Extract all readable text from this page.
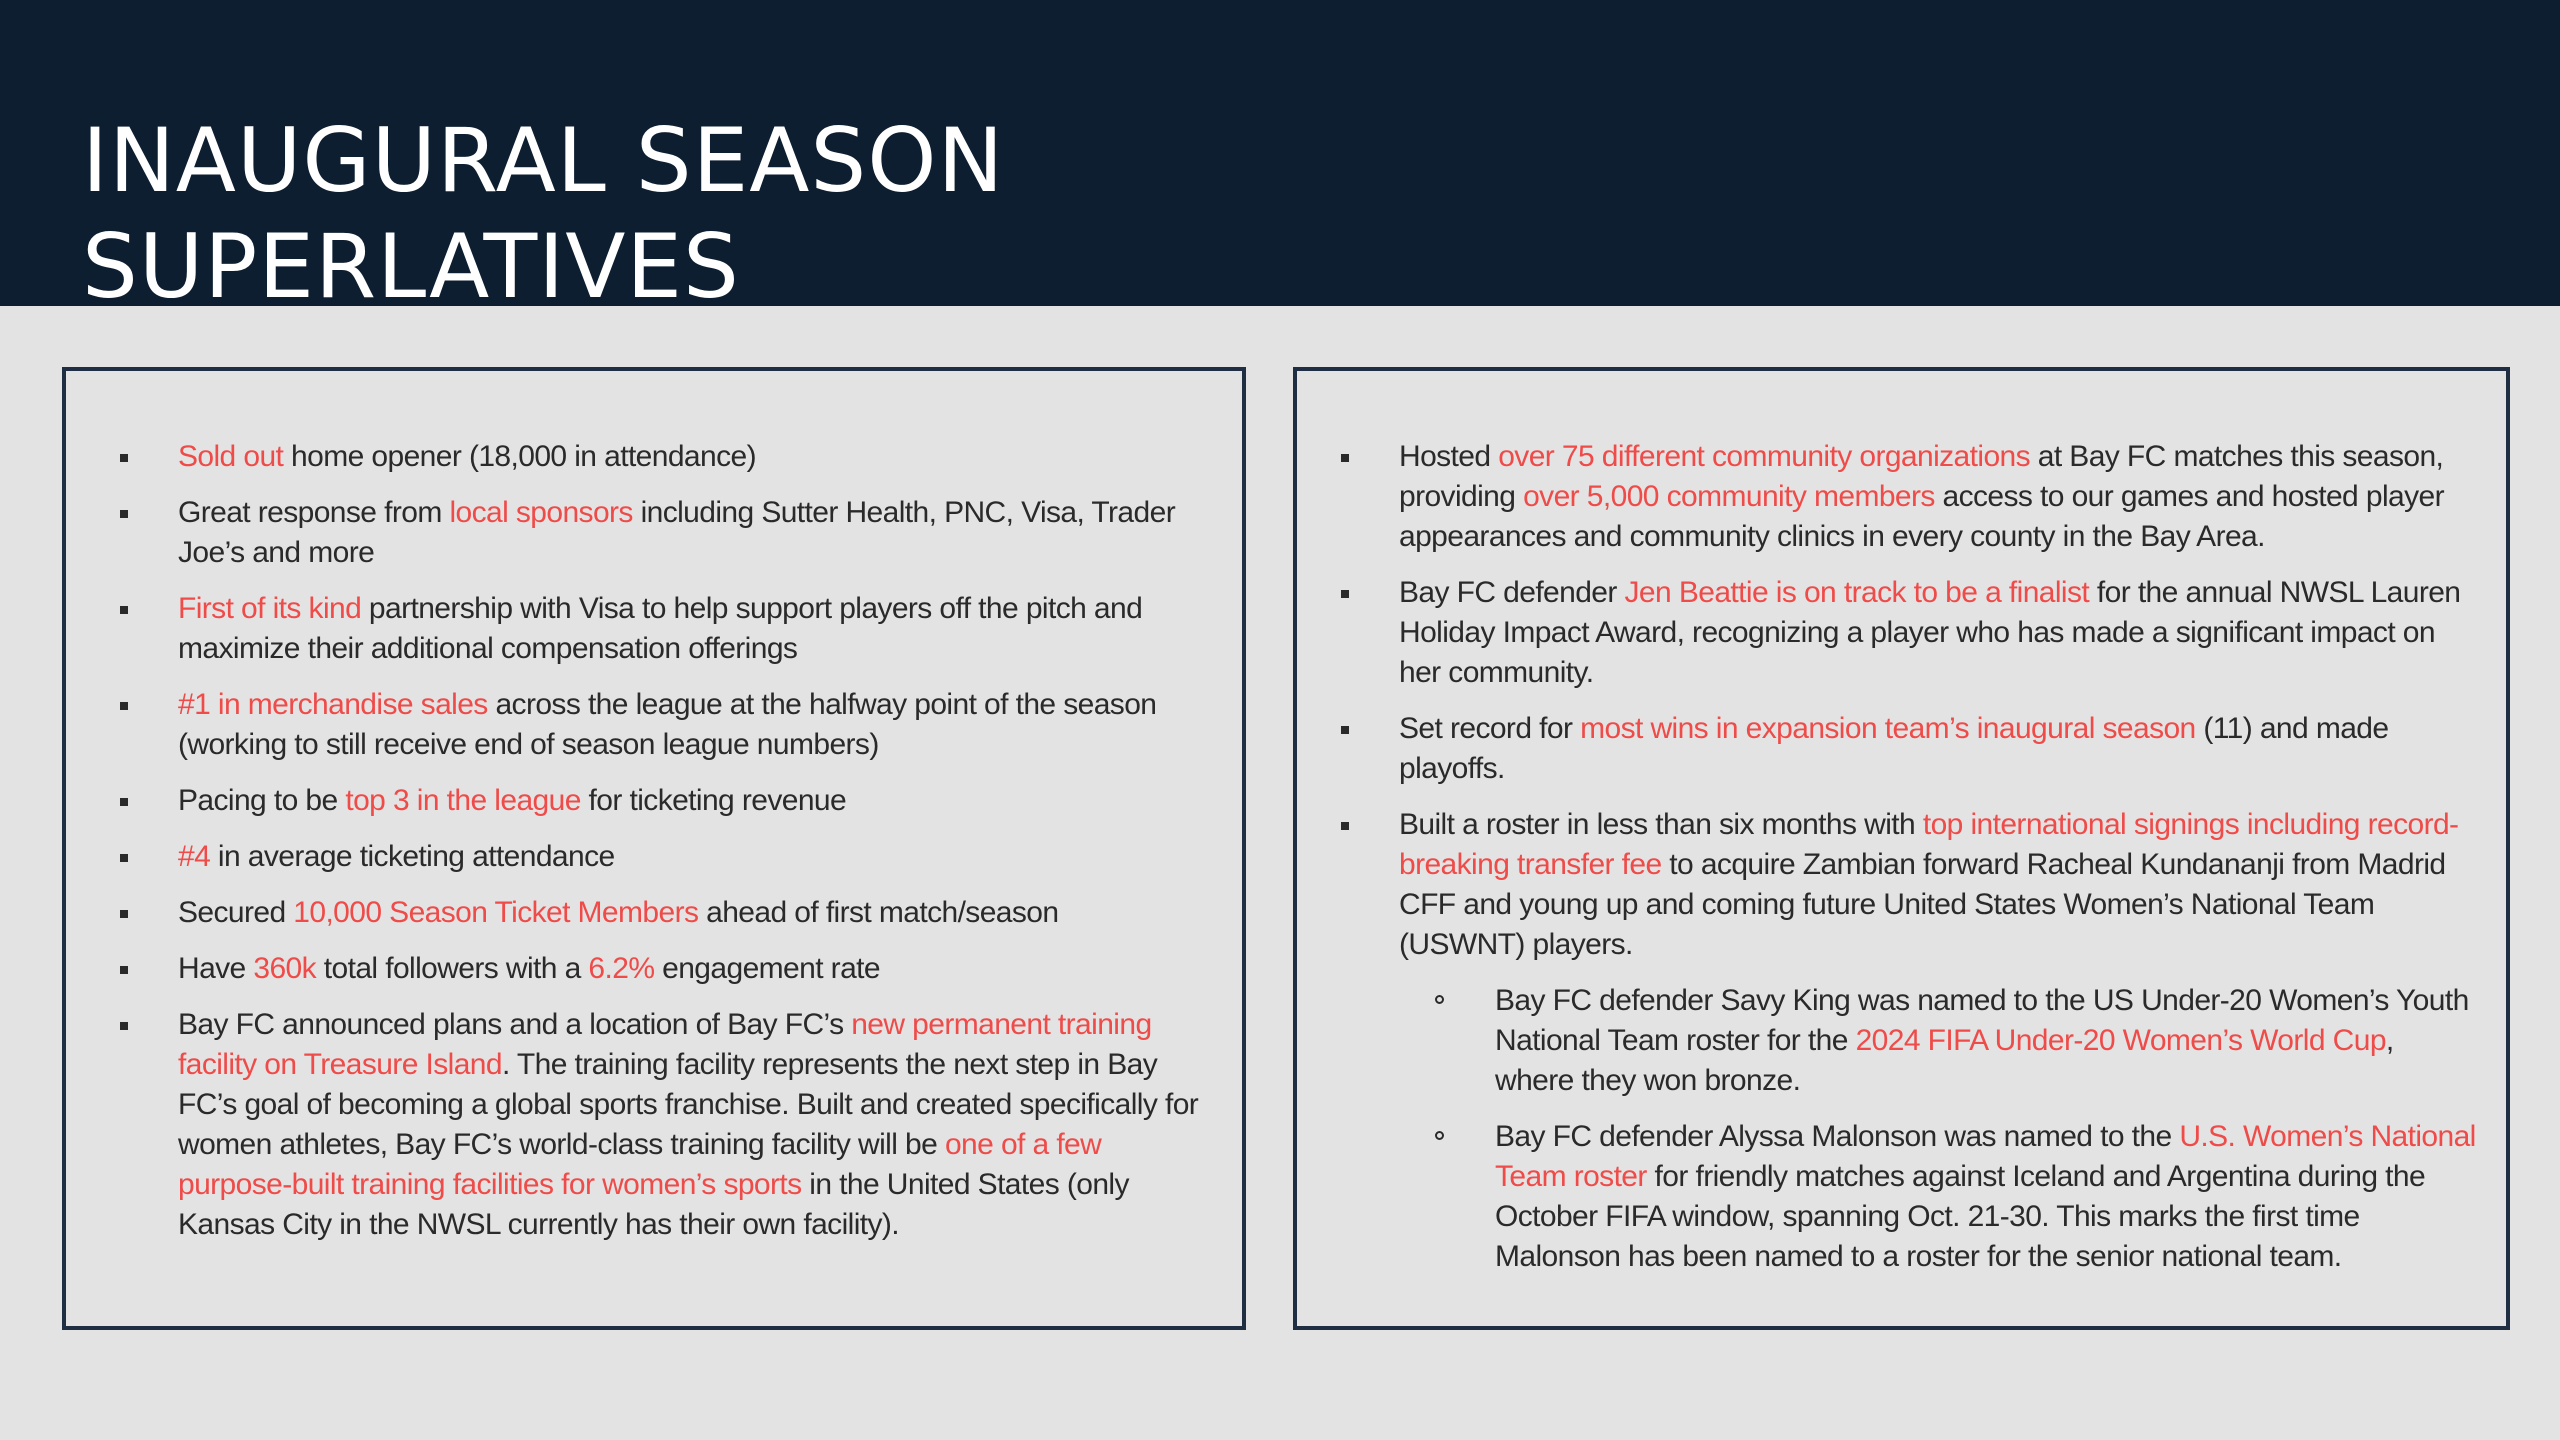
INAUGURAL SEASON
SUPERLATIVES
Sold out home opener (18,000 in attendance)
Great response from local sponsors including Sutter Health, PNC, Visa, Trader Joe’s and more
First of its kind partnership with Visa to help support players off the pitch and maximize their additional compensation offerings
#1 in merchandise sales across the league at the halfway point of the season (working to still receive end of season league numbers)
Pacing to be top 3 in the league for ticketing revenue
#4 in average ticketing attendance
Secured 10,000 Season Ticket Members ahead of first match/season
Have 360k total followers with a 6.2% engagement rate
Bay FC announced plans and a location of Bay FC’s new permanent training facility on Treasure Island. The training facility represents the next step in Bay FC’s goal of becoming a global sports franchise. Built and created specifically for women athletes, Bay FC’s world-class training facility will be one of a few purpose-built training facilities for women’s sports in the United States (only Kansas City in the NWSL currently has their own facility).
Hosted over 75 different community organizations at Bay FC matches this season, providing over 5,000 community members access to our games and hosted player appearances and community clinics in every county in the Bay Area.
Bay FC defender Jen Beattie is on track to be a finalist for the annual NWSL Lauren Holiday Impact Award, recognizing a player who has made a significant impact on her community.
Set record for most wins in expansion team’s inaugural season (11) and made playoffs.
Built a roster in less than six months with top international signings including record-breaking transfer fee to acquire Zambian forward Racheal Kundananji from Madrid CFF and young up and coming future United States Women’s National Team (USWNT) players.
Bay FC defender Savy King was named to the US Under-20 Women’s Youth National Team roster for the 2024 FIFA Under-20 Women’s World Cup, where they won bronze.
Bay FC defender Alyssa Malonson was named to the U.S. Women’s National Team roster for friendly matches against Iceland and Argentina during the October FIFA window, spanning Oct. 21-30. This marks the first time Malonson has been named to a roster for the senior national team.
